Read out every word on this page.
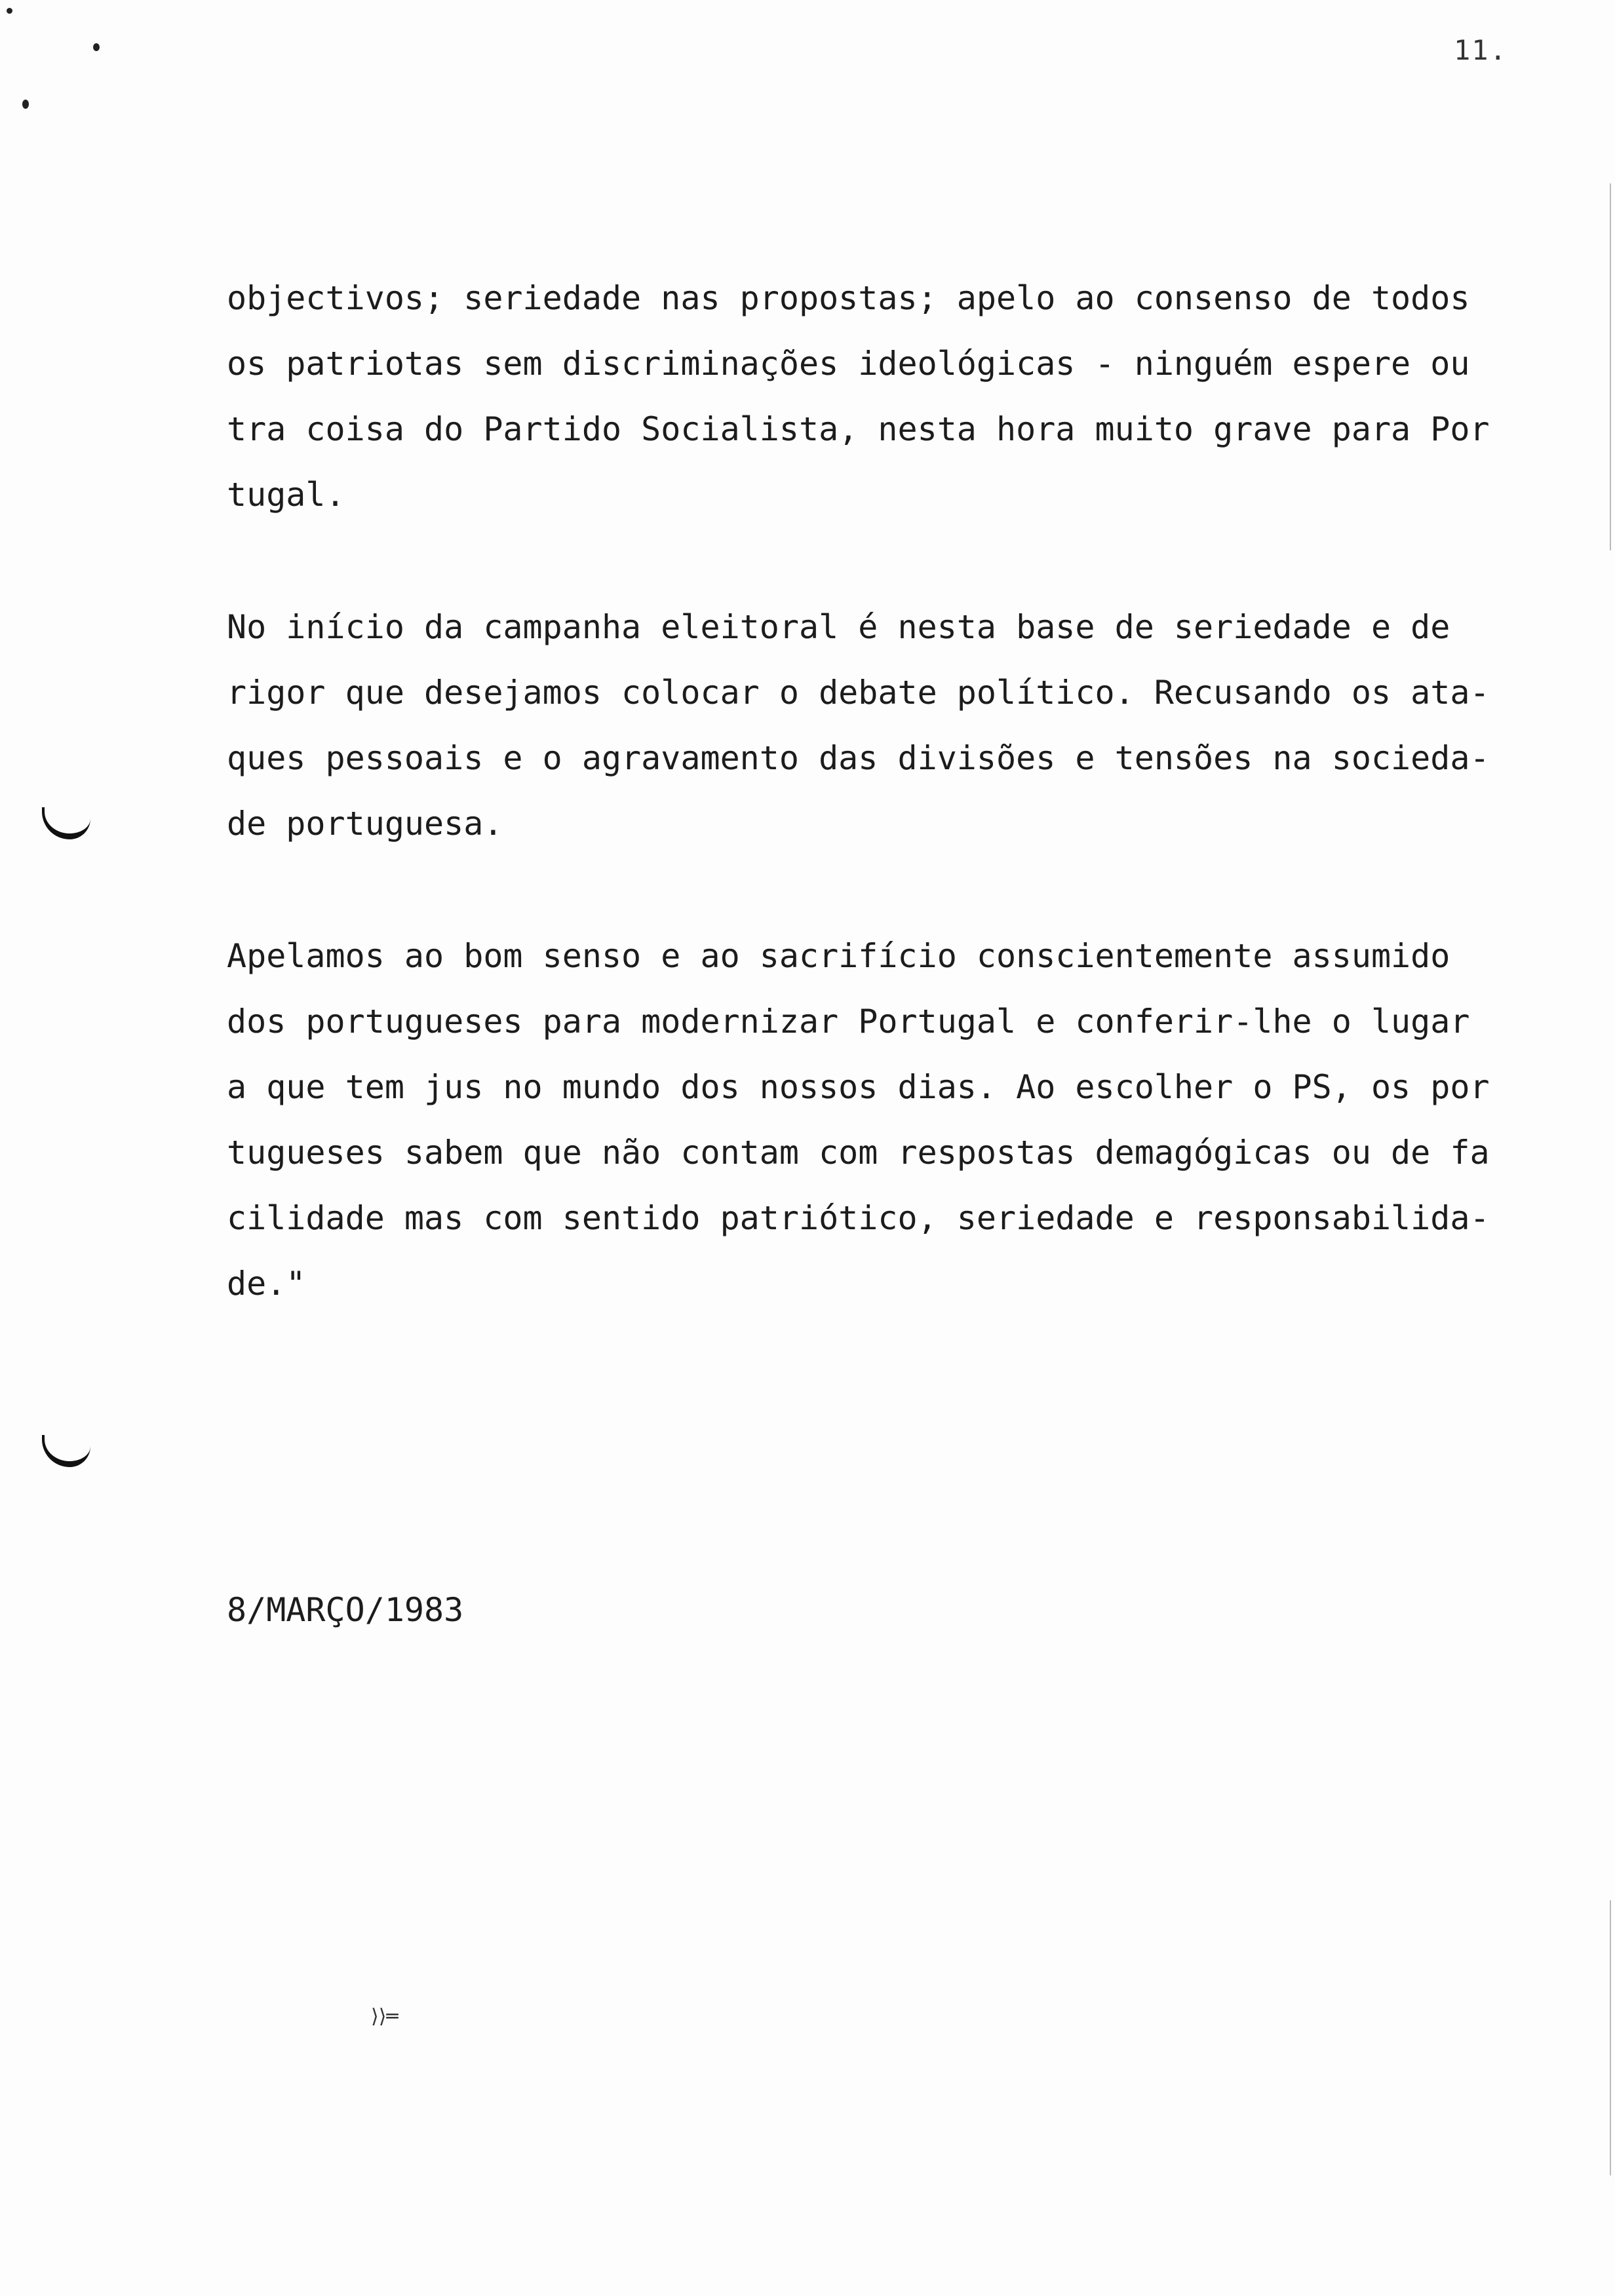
⟩⟩═
11.
objectivos; seriedade nas propostas; apelo ao consenso de todos
os patriotas sem discriminações ideológicas - ninguém espere ou
tra coisa do Partido Socialista, nesta hora muito grave para Por
tugal.
No início da campanha eleitoral é nesta base de seriedade e de
rigor que desejamos colocar o debate político. Recusando os ata-
ques pessoais e o agravamento das divisões e tensões na socieda-
de portuguesa.
Apelamos ao bom senso e ao sacrifício conscientemente assumido
dos portugueses para modernizar Portugal e conferir-lhe o lugar
a que tem jus no mundo dos nossos dias. Ao escolher o PS, os por
tugueses sabem que não contam com respostas demagógicas ou de fa
cilidade mas com sentido patriótico, seriedade e responsabilida-
de."
8/MARÇO/1983
